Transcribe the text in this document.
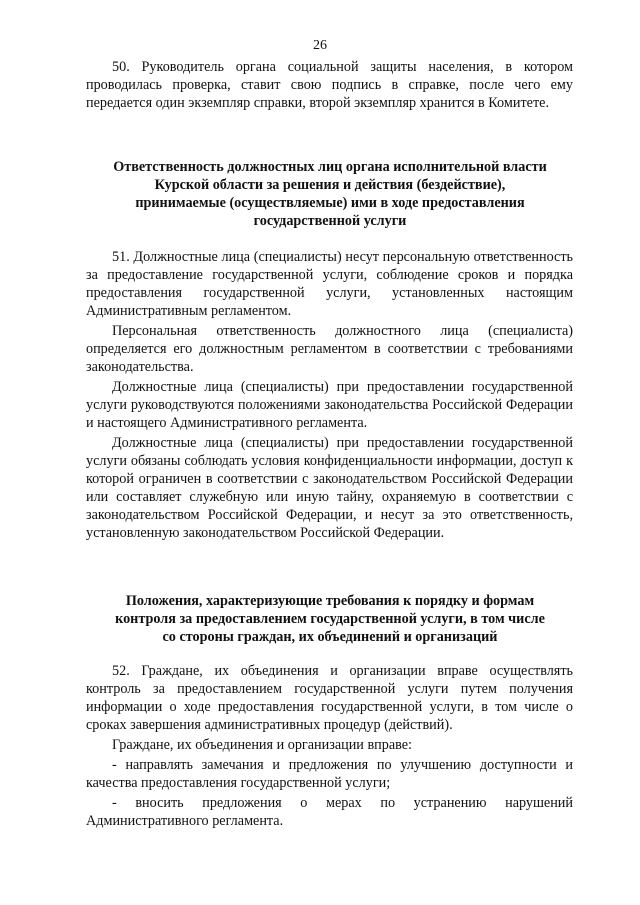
26

50. Руководитель органа социальной защиты населения, в котором проводилась проверка, ставит свою подпись в справке, после чего ему передается один экземпляр справки, второй экземпляр хранится в Комитете.

Ответственность должностных лиц органа исполнительной власти Курской области за решения и действия (бездействие), принимаемые (осуществляемые) ими в ходе предоставления государственной услуги

51. Должностные лица (специалисты) несут персональную ответственность за предоставление государственной услуги, соблюдение сроков и порядка предоставления государственной услуги, установленных настоящим Административным регламентом.

Персональная ответственность должностного лица (специалиста) определяется его должностным регламентом в соответствии с требованиями законодательства.

Должностные лица (специалисты) при предоставлении государственной услуги руководствуются положениями законодательства Российской Федерации и настоящего Административного регламента.

Должностные лица (специалисты) при предоставлении государственной услуги обязаны соблюдать условия конфиденциальности информации, доступ к которой ограничен в соответствии с законодательством Российской Федерации или составляет служебную или иную тайну, охраняемую в соответствии с законодательством Российской Федерации, и несут за это ответственность, установленную законодательством Российской Федерации.

Положения, характеризующие требования к порядку и формам контроля за предоставлением государственной услуги, в том числе со стороны граждан, их объединений и организаций

52. Граждане, их объединения и организации вправе осуществлять контроль за предоставлением государственной услуги путем получения информации о ходе предоставления государственной услуги, в том числе о сроках завершения административных процедур (действий).

Граждане, их объединения и организации вправе:

- направлять замечания и предложения по улучшению доступности и качества предоставления государственной услуги;

- вносить предложения о мерах по устранению нарушений Административного регламента.
